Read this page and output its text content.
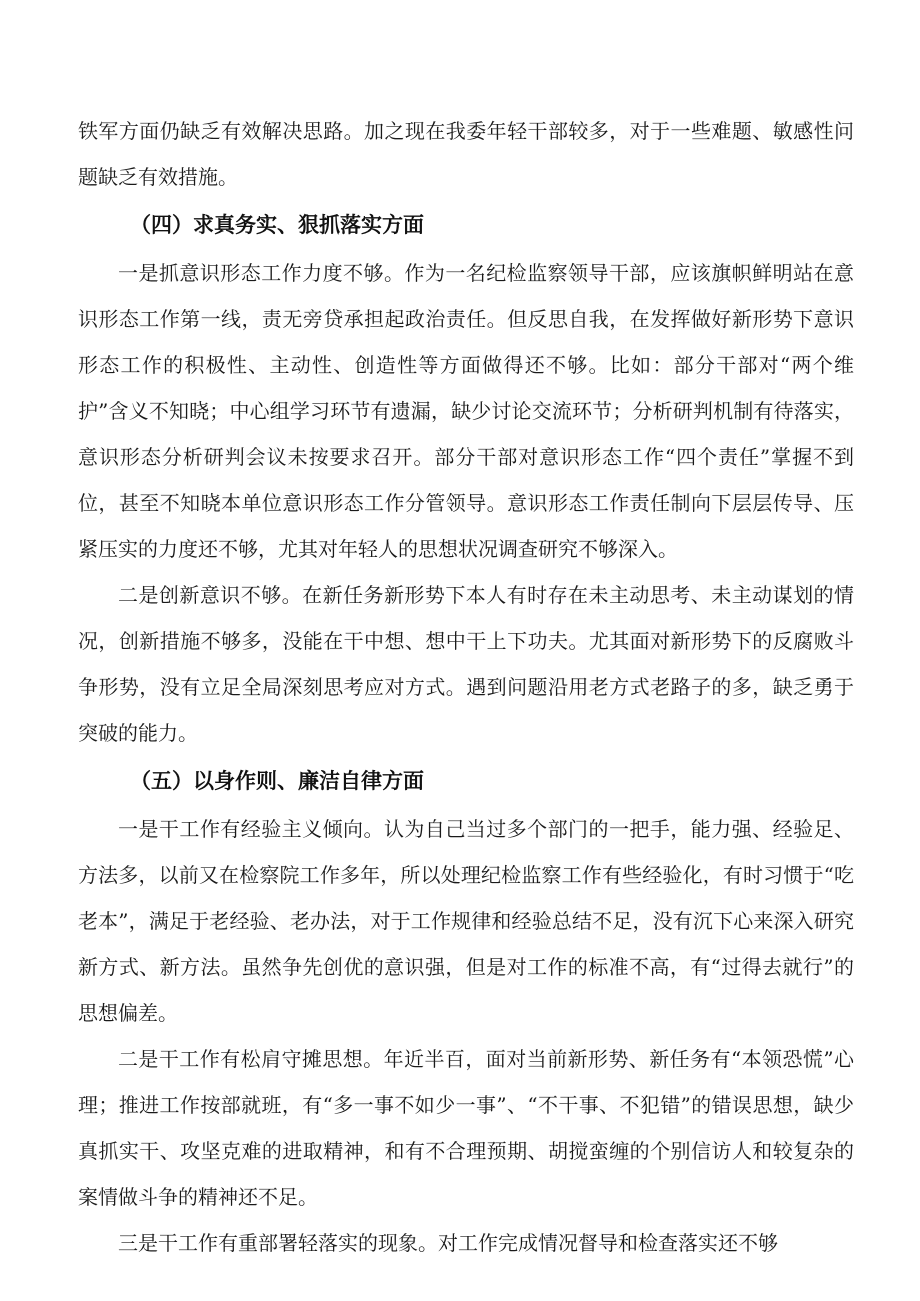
铁军方面仍缺乏有效解决思路。加之现在我委年轻干部较多，对于一些难题、敏感性问题缺乏有效措施。

（四）求真务实、狠抓落实方面

一是抓意识形态工作力度不够。作为一名纪检监察领导干部，应该旗帜鲜明站在意识形态工作第一线，责无旁贷承担起政治责任。但反思自我，在发挥做好新形势下意识形态工作的积极性、主动性、创造性等方面做得还不够。比如：部分干部对“两个维护”含义不知晓；中心组学习环节有遗漏，缺少讨论交流环节；分析研判机制有待落实，意识形态分析研判会议未按要求召开。部分干部对意识形态工作“四个责任”掌握不到位，甚至不知晓本单位意识形态工作分管领导。意识形态工作责任制向下层层传导、压紧压实的力度还不够，尤其对年轻人的思想状况调查研究不够深入。

二是创新意识不够。在新任务新形势下本人有时存在未主动思考、未主动谋划的情况，创新措施不够多，没能在干中想、想中干上下功夫。尤其面对新形势下的反腐败斗争形势，没有立足全局深刻思考应对方式。遇到问题沿用老方式老路子的多，缺乏勇于突破的能力。

（五）以身作则、廉洁自律方面

一是干工作有经验主义倾向。认为自己当过多个部门的一把手，能力强、经验足、方法多，以前又在检察院工作多年，所以处理纪检监察工作有些经验化，有时习惯于“吃老本”，满足于老经验、老办法，对于工作规律和经验总结不足，没有沉下心来深入研究新方式、新方法。虽然争先创优的意识强，但是对工作的标准不高，有“过得去就行”的思想偏差。

二是干工作有松肩守摊思想。年近半百，面对当前新形势、新任务有“本领恐慌”心理；推进工作按部就班，有“多一事不如少一事”、“不干事、不犯错”的错误思想，缺少真抓实干、攻坚克难的进取精神，和有不合理预期、胡搅蛮缠的个别信访人和较复杂的案情做斗争的精神还不足。

三是干工作有重部署轻落实的现象。对工作完成情况督导和检查落实还不够
